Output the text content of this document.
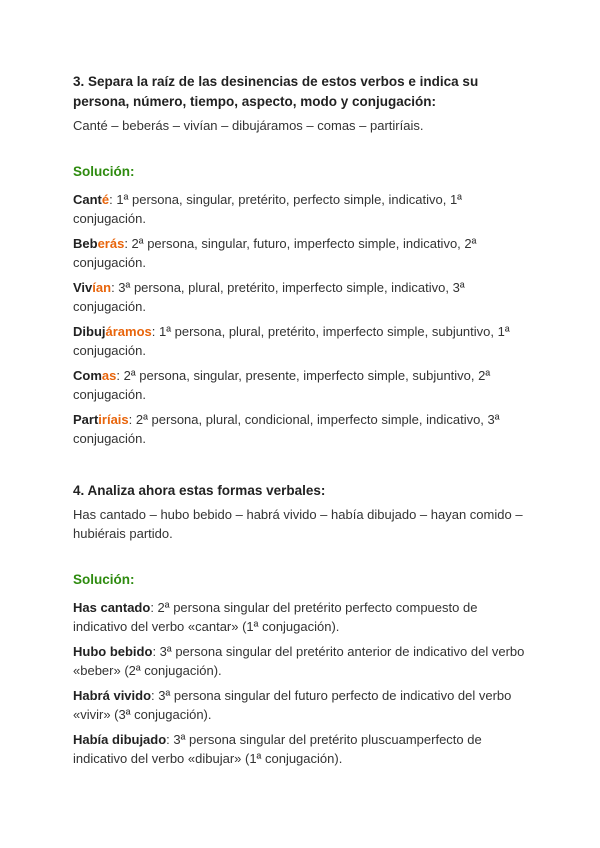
3. Separa la raíz de las desinencias de estos verbos e indica su persona, número, tiempo, aspecto, modo y conjugación:

Canté – beberás – vivían – dibujáramos – comas – partiríais.

Solución:

Canté: 1ª persona, singular, pretérito, perfecto simple, indicativo, 1ª conjugación.

Beberás: 2ª persona, singular, futuro, imperfecto simple, indicativo, 2ª conjugación.

Vivían: 3ª persona, plural, pretérito, imperfecto simple, indicativo, 3ª conjugación.

Dibujáramos: 1ª persona, plural, pretérito, imperfecto simple, subjuntivo, 1ª conjugación.

Comas: 2ª persona, singular, presente, imperfecto simple, subjuntivo, 2ª conjugación.

Partiríais: 2ª persona, plural, condicional, imperfecto simple, indicativo, 3ª conjugación.

4. Analiza ahora estas formas verbales:

Has cantado – hubo bebido – habrá vivido – había dibujado – hayan comido – hubiérais partido.

Solución:

Has cantado: 2ª persona singular del pretérito perfecto compuesto de indicativo del verbo «cantar» (1ª conjugación).

Hubo bebido: 3ª persona singular del pretérito anterior de indicativo del verbo «beber» (2ª conjugación).

Habrá vivido: 3ª persona singular del futuro perfecto de indicativo del verbo «vivir» (3ª conjugación).

Había dibujado: 3ª persona singular del pretérito pluscuamperfecto de indicativo del verbo «dibujar» (1ª conjugación).
